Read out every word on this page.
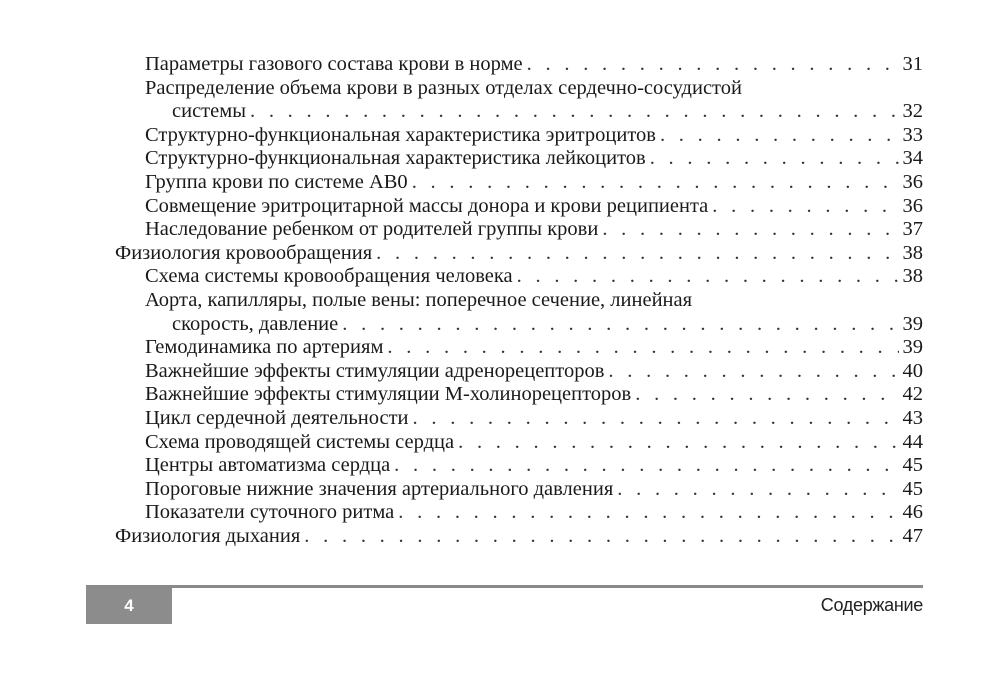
Параметры газового состава крови в норме . . .	31
Распределение объема крови в разных отделах сердечно-сосудистой
системы . . .	32
Структурно-функциональная характеристика эритроцитов . . .	33
Структурно-функциональная характеристика лейкоцитов . . .	34
Группа крови по системе AB0 . . .	36
Совмещение эритроцитарной массы донора и крови реципиента . . .	36
Наследование ребенком от родителей группы крови . . .	37
Физиология кровообращения . . .	38
Схема системы кровообращения человека . . .	38
Аорта, капилляры, полые вены: поперечное сечение, линейная
скорость, давление . . .	39
Гемодинамика по артериям . . .	39
Важнейшие эффекты стимуляции адренорецепторов . . .	40
Важнейшие эффекты стимуляции М-холинорецепторов . . .	42
Цикл сердечной деятельности . . .	43
Схема проводящей системы сердца . . .	44
Центры автоматизма сердца . . .	45
Пороговые нижние значения артериального давления . . .	45
Показатели суточного ритма . . .	46
Физиология дыхания . . .	47
4	Содержание
